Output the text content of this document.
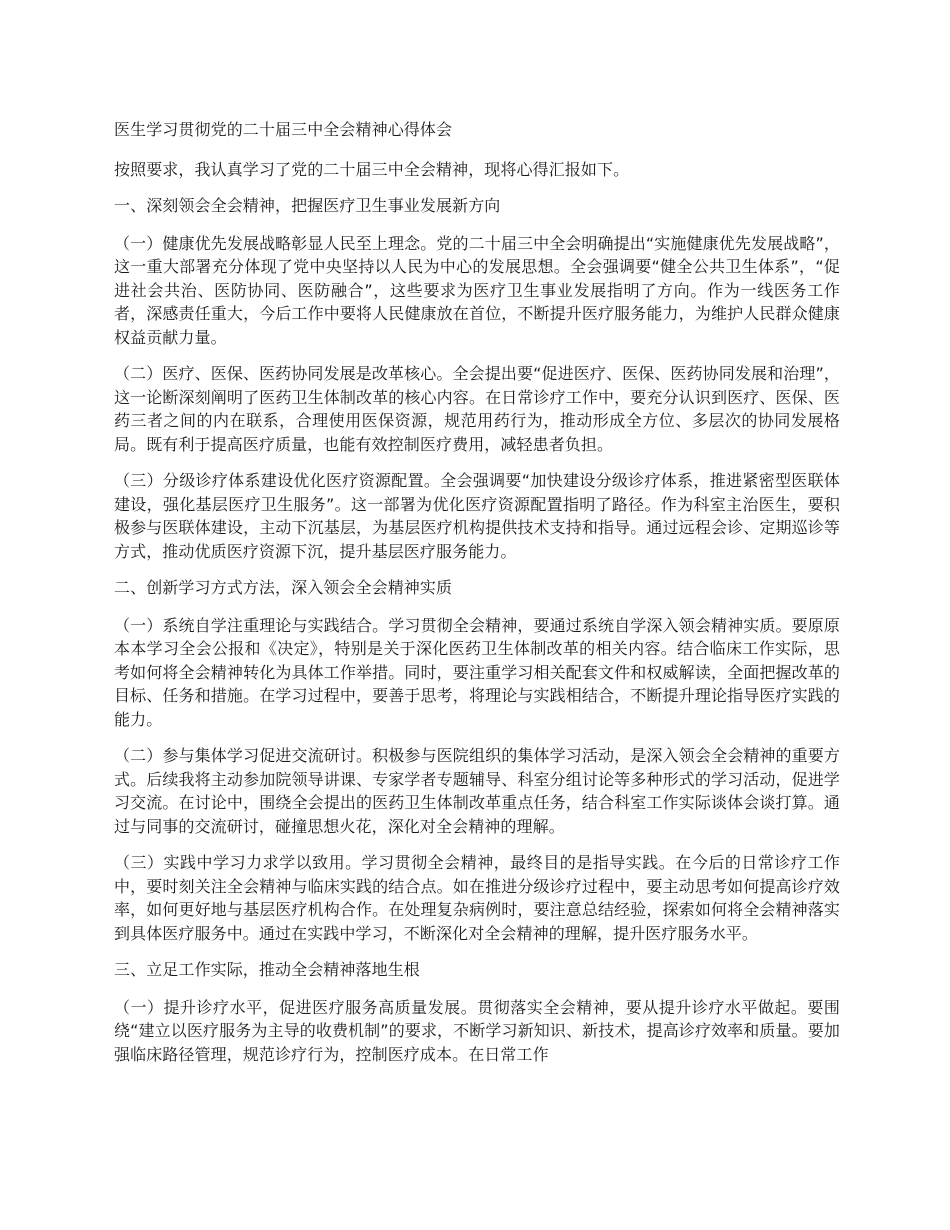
医生学习贯彻党的二十届三中全会精神心得体会

按照要求，我认真学习了党的二十届三中全会精神，现将心得汇报如下。

一、深刻领会全会精神，把握医疗卫生事业发展新方向

（一）健康优先发展战略彰显人民至上理念。党的二十届三中全会明确提出“实施健康优先发展战略”，这一重大部署充分体现了党中央坚持以人民为中心的发展思想。全会强调要“健全公共卫生体系”，“促进社会共治、医防协同、医防融合”，这些要求为医疗卫生事业发展指明了方向。作为一线医务工作者，深感责任重大，今后工作中要将人民健康放在首位，不断提升医疗服务能力，为维护人民群众健康权益贡献力量。

（二）医疗、医保、医药协同发展是改革核心。全会提出要“促进医疗、医保、医药协同发展和治理”，这一论断深刻阐明了医药卫生体制改革的核心内容。在日常诊疗工作中，要充分认识到医疗、医保、医药三者之间的内在联系，合理使用医保资源，规范用药行为，推动形成全方位、多层次的协同发展格局。既有利于提高医疗质量，也能有效控制医疗费用，减轻患者负担。

（三）分级诊疗体系建设优化医疗资源配置。全会强调要“加快建设分级诊疗体系，推进紧密型医联体建设，强化基层医疗卫生服务”。这一部署为优化医疗资源配置指明了路径。作为科室主治医生，要积极参与医联体建设，主动下沉基层，为基层医疗机构提供技术支持和指导。通过远程会诊、定期巡诊等方式，推动优质医疗资源下沉，提升基层医疗服务能力。

二、创新学习方式方法，深入领会全会精神实质

（一）系统自学注重理论与实践结合。学习贯彻全会精神，要通过系统自学深入领会精神实质。要原原本本学习全会公报和《决定》，特别是关于深化医药卫生体制改革的相关内容。结合临床工作实际，思考如何将全会精神转化为具体工作举措。同时，要注重学习相关配套文件和权威解读，全面把握改革的目标、任务和措施。在学习过程中，要善于思考，将理论与实践相结合，不断提升理论指导医疗实践的能力。

（二）参与集体学习促进交流研讨。积极参与医院组织的集体学习活动，是深入领会全会精神的重要方式。后续我将主动参加院领导讲课、专家学者专题辅导、科室分组讨论等多种形式的学习活动，促进学习交流。在讨论中，围绕全会提出的医药卫生体制改革重点任务，结合科室工作实际谈体会谈打算。通过与同事的交流研讨，碰撞思想火花，深化对全会精神的理解。

（三）实践中学习力求学以致用。学习贯彻全会精神，最终目的是指导实践。在今后的日常诊疗工作中，要时刻关注全会精神与临床实践的结合点。如在推进分级诊疗过程中，要主动思考如何提高诊疗效率，如何更好地与基层医疗机构合作。在处理复杂病例时，要注意总结经验，探索如何将全会精神落实到具体医疗服务中。通过在实践中学习，不断深化对全会精神的理解，提升医疗服务水平。

三、立足工作实际，推动全会精神落地生根

（一）提升诊疗水平，促进医疗服务高质量发展。贯彻落实全会精神，要从提升诊疗水平做起。要围绕“建立以医疗服务为主导的收费机制”的要求，不断学习新知识、新技术，提高诊疗效率和质量。要加强临床路径管理，规范诊疗行为，控制医疗成本。在日常工作
